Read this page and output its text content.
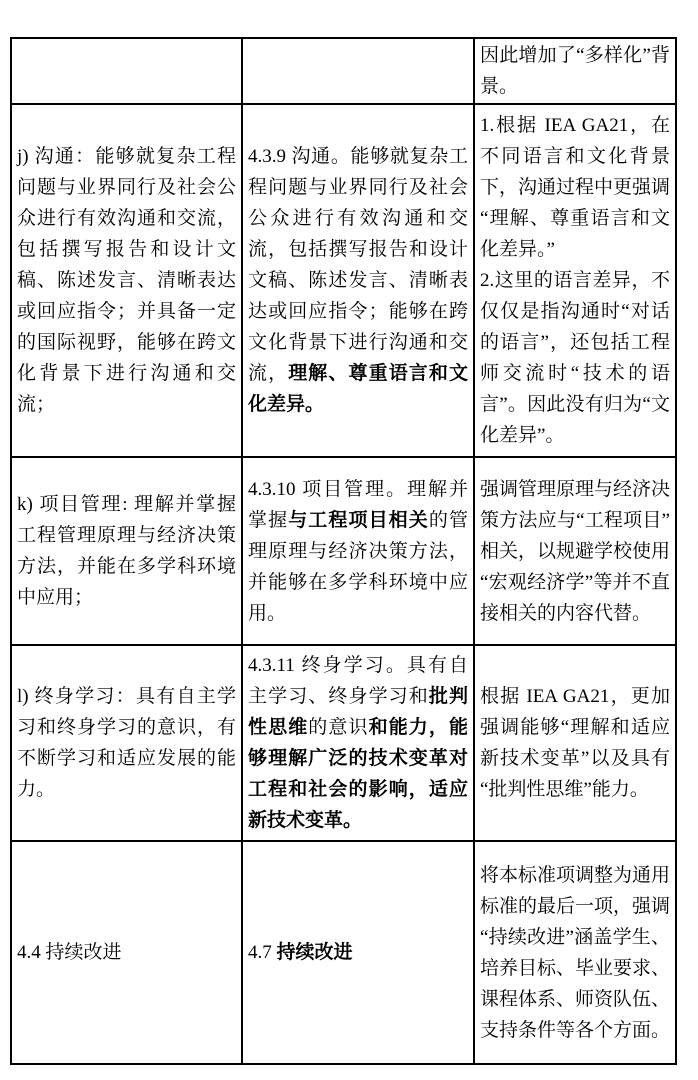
因此增加了“多样化”背景。

j) 沟通：能够就复杂工程问题与业界同行及社会公众进行有效沟通和交流，包括撰写报告和设计文稿、陈述发言、清晰表达或回应指令；并具备一定的国际视野，能够在跨文化背景下进行沟通和交流；

4.3.9 沟通。能够就复杂工程问题与业界同行及社会公众进行有效沟通和交流，包括撰写报告和设计文稿、陈述发言、清晰表达或回应指令；能够在跨文化背景下进行沟通和交流，理解、尊重语言和文化差异。

1.根据 IEA GA21，在不同语言和文化背景下，沟通过程中更强调“理解、尊重语言和文化差异。”

2.这里的语言差异，不仅仅是指沟通时“对话的语言”，还包括工程师交流时“技术的语言”。因此没有归为“文化差异”。

k) 项目管理: 理解并掌握工程管理原理与经济决策方法，并能在多学科环境中应用；

4.3.10 项目管理。理解并掌握与工程项目相关的管理原理与经济决策方法，并能够在多学科环境中应用。

强调管理原理与经济决策方法应与“工程项目”相关，以规避学校使用“宏观经济学”等并不直接相关的内容代替。

l) 终身学习：具有自主学习和终身学习的意识，有不断学习和适应发展的能力。

4.3.11 终身学习。具有自主学习、终身学习和批判性思维的意识和能力，能够理解广泛的技术变革对工程和社会的影响，适应新技术变革。

根据 IEA GA21，更加强调能够“理解和适应新技术变革”以及具有“批判性思维”能力。

4.4 持续改进	4.7 持续改进

将本标准项调整为通用标准的最后一项，强调“持续改进”涵盖学生、培养目标、毕业要求、课程体系、师资队伍、支持条件等各个方面。
